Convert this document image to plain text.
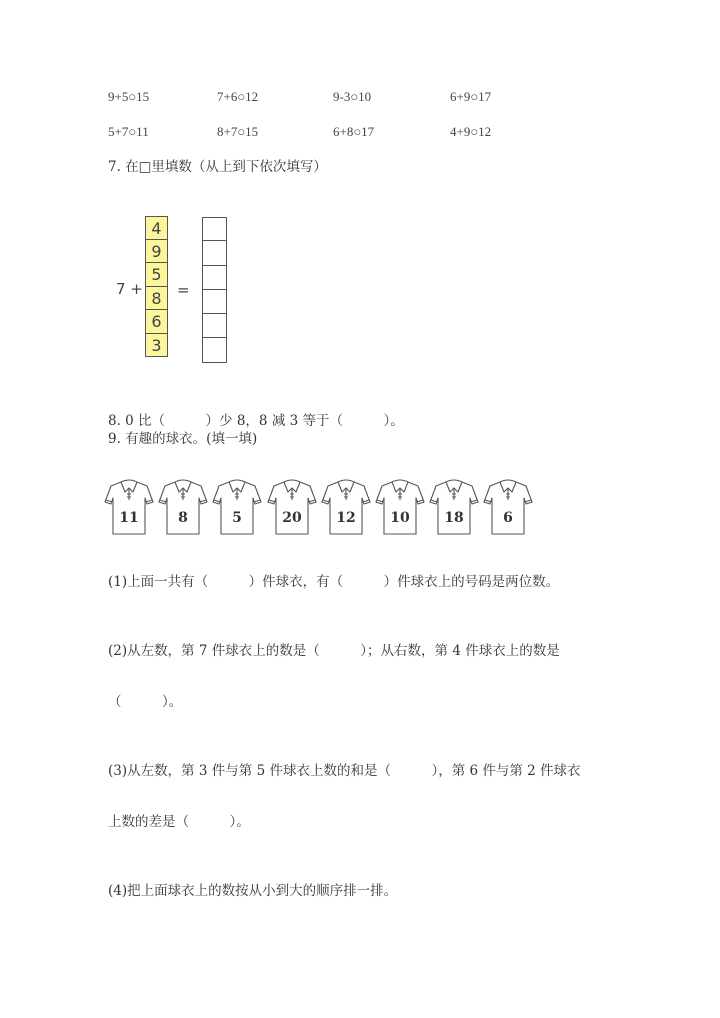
9+5○15	7+6○12	9-3○10	6+9○17
5+7○11	8+7○15	6+8○17	4+9○12
7. 在□里填数（从上到下依次填写）
7 +
4
9
5
8
6
3
=
8. 0 比（　　　）少 8，8 减 3 等于（　　　）。
9. 有趣的球衣。(填一填)
11	8	5	20	12	10	18	6
(1)上面一共有（　　　）件球衣，有（　　　）件球衣上的号码是两位数。
(2)从左数，第 7 件球衣上的数是（　　　）；从右数，第 4 件球衣上的数是
（　　　）。
(3)从左数，第 3 件与第 5 件球衣上数的和是（　　　），第 6 件与第 2 件球衣
上数的差是（　　　）。
(4)把上面球衣上的数按从小到大的顺序排一排。
